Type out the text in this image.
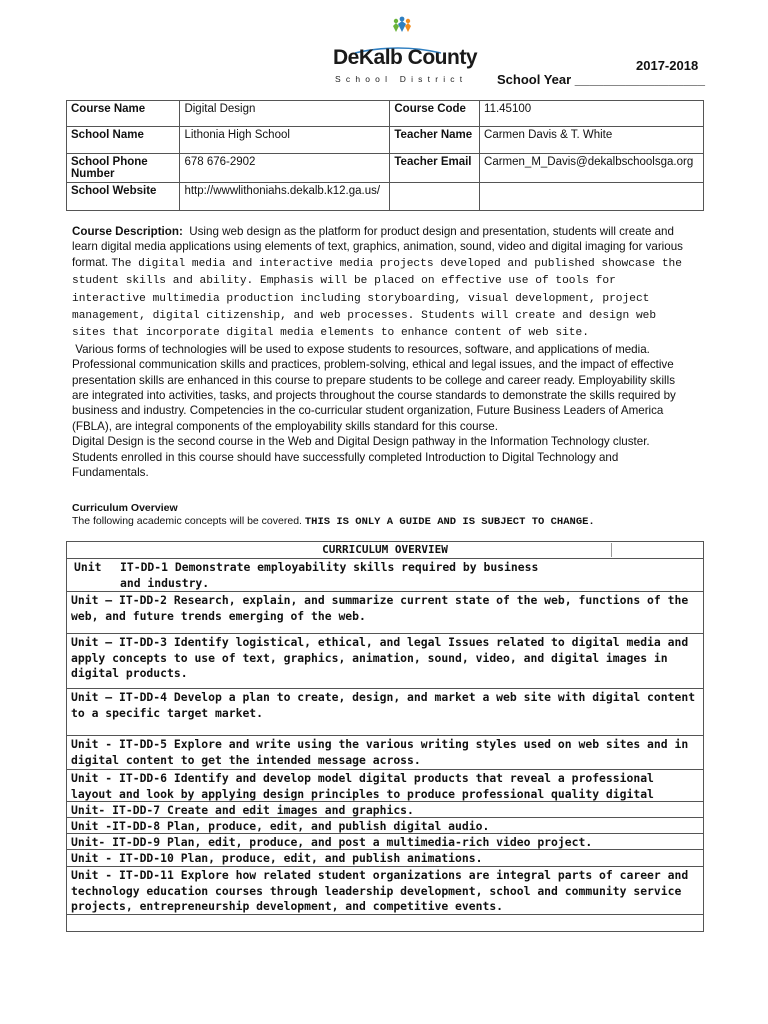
DeKalb County
School District
2017-2018
School Year __________________
Course Name	Digital Design	Course Code	11.45100
School Name	Lithonia High School	Teacher Name	Carmen Davis & T. White
School Phone Number	678 676-2902	Teacher Email	Carmen_M_Davis@dekalbschoolsga.org
School Website	http://wwwlithoniahs.dekalb.k12.ga.us/		

Course Description: Using web design as the platform for product design and presentation, students will create and learn digital media applications using elements of text, graphics, animation, sound, video and digital imaging for various format. The digital media and interactive media projects developed and published showcase the student skills and ability. Emphasis will be placed on effective use of tools for interactive multimedia production including storyboarding, visual development, project management, digital citizenship, and web processes. Students will create and design web sites that incorporate digital media elements to enhance content of web site.

Various forms of technologies will be used to expose students to resources, software, and applications of media. Professional communication skills and practices, problem-solving, ethical and legal issues, and the impact of effective presentation skills are enhanced in this course to prepare students to be college and career ready. Employability skills are integrated into activities, tasks, and projects throughout the course standards to demonstrate the skills required by business and industry. Competencies in the co-curricular student organization, Future Business Leaders of America (FBLA), are integral components of the employability skills standard for this course.

Digital Design is the second course in the Web and Digital Design pathway in the Information Technology cluster. Students enrolled in this course should have successfully completed Introduction to Digital Technology and Fundamentals.

Curriculum Overview
The following academic concepts will be covered. THIS IS ONLY A GUIDE AND IS SUBJECT TO CHANGE.
CURRICULUM OVERVIEW
Unit	IT-DD-1 Demonstrate employability skills required by business and industry.
Unit – IT-DD-2 Research, explain, and summarize current state of the web, functions of the web, and future trends emerging of the web.
Unit – IT-DD-3 Identify logistical, ethical, and legal Issues related to digital media and apply concepts to use of text, graphics, animation, sound, video, and digital images in digital products.
Unit – IT-DD-4 Develop a plan to create, design, and market a web site with digital content to a specific target market.
Unit - IT-DD-5 Explore and write using the various writing styles used on web sites and in digital content to get the intended message across.
Unit - IT-DD-6 Identify and develop model digital products that reveal a professional layout and look by applying design principles to produce professional quality digital
Unit- IT-DD-7 Create and edit images and graphics.
Unit -IT-DD-8 Plan, produce, edit, and publish digital audio.
Unit- IT-DD-9 Plan, edit, produce, and post a multimedia-rich video project.
Unit - IT-DD-10 Plan, produce, edit, and publish animations.
Unit - IT-DD-11 Explore how related student organizations are integral parts of career and technology education courses through leadership development, school and community service projects, entrepreneurship development, and competitive events.
